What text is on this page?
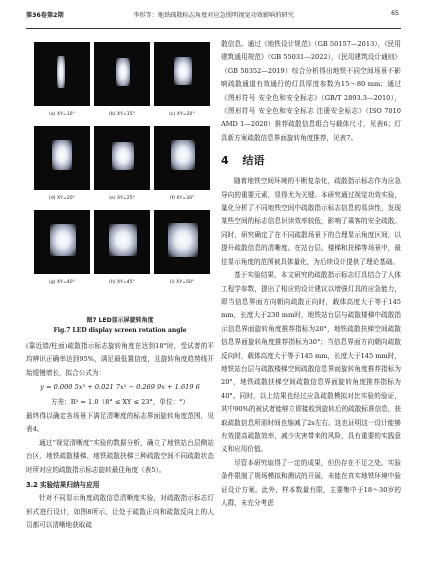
第36卷第2期	李形等：地铁疏散标志角度对应急照明视觉功效影响的研究	65
(a) XY=10°	(b) XY=15°	(c) XY=20°
(d) XY=20°	(e) XY=25°	(f) XY=30°
(g) XY=40°	(h) XY=45°	(i) XY=50°
图7 LED显示屏旋转角度
Fig.7 LED display screen rotation angle

(靠近墙/柱面)疏散指示标志旋转角度在达到18°时，受试者的平均辨识正确率达到95%，满足最低置信度，且旋转角度趋势线开始缓慢增长，拟合公式为：

y = 0.000 5x³ + 0.021 7x² − 0.269 9x + 1.619 6
方差：R² = 1.0（8° ≤ XY ≤ 23°，单位：°）

最终得以确定各场景下满足清晰度的标志界面旋转角度范围，见表4。

通过“视觉清晰度”实验的数据分析，确立了地铁站台层侧站台区、地铁疏散楼梯、地铁疏散扶梯三种疏散空间不同疏散状态时所对应的疏散指示标志旋转最佳角度（表5）。

3.2 实验结果归纳与应用

针对不同显示角度疏散信息清晰度实验，对疏散指示标志灯形式进行设计，如图8所示，让处于疏散正向和疏散反向上的人员都可以清晰地获取疏

散信息。通过《地铁设计规范》（GB 50157—2013），《民用建筑通用规范》（GB 55031—2022），《民用建筑设计通则》（GB 50352—2019）综合分析得出地铁不同空间场景不影响疏散通道有效通行的灯具厚度参数为15～80 mm；通过《图形符号 安全色和安全标志》（GB/T 2893.3—2010），《图形符号 安全色和安全标志 注册安全标志》（ISO 7010 AMD 1—2020）推荐疏散信息组合与载体尺寸，见表6；灯具新方案疏散信息界面旋转角度推荐，见表7。

4 结语

随着地铁空间环境的不断复杂化，疏散指示标志作为应急导向的重要元素，显得尤为关键。本研究通过视觉功效实验，量化分析了不同地铁空间中疏散指示标志信息的易读性，发现某些空间的标志信息识读效率较低，影响了乘客的安全疏散。同时，研究确定了在不同疏散场景下的合理显示角度区间，以提升疏散信息的清晰度。在站台层、楼梯和扶梯等场景中，最佳显示角度的范围被具体量化，为后续设计提供了理论基础。

基于实验结果，本文研究的疏散指示标志灯具结合了人体工程学参数，提出了相应的设计建议以增强灯具的应急能力，即当信息界面方向朝向疏散正向时，载体高度大于等于145 mm，长度大于230 mm时，地铁站台层与疏散楼梯中疏散指示信息界面旋转角度推荐指标为20°，地铁疏散扶梯空间疏散信息界面旋转角度推荐指标为30°；当信息界面方向朝向疏散反向时，载体高度大于等于145 mm，长度大于145 mm时，地铁站台层与疏散楼梯空间疏散信息界面旋转角度推荐指标为20°，地铁疏散扶梯空间疏散信息界面旋转角度推荐指标为40°。同时，以上结果也经过应急疏散模拟对比实验的验证，其中90%的被试者能够立即接收到旋转后的疏散标准信息，获取疏散信息所需时间也缩减了2s左右。这也证明这一设计能够有效提高疏散效率，减少灾害带来的风险，具有重要的实践意义和应用价值。

尽管本研究取得了一定的成果，但仍存在不足之处。实验条件限制了规场模拟和测试的开展，未能在真实地铁环境中验证设计方案。此外，样本数量有限，主要集中于18～30岁的人群，未充分考虑
